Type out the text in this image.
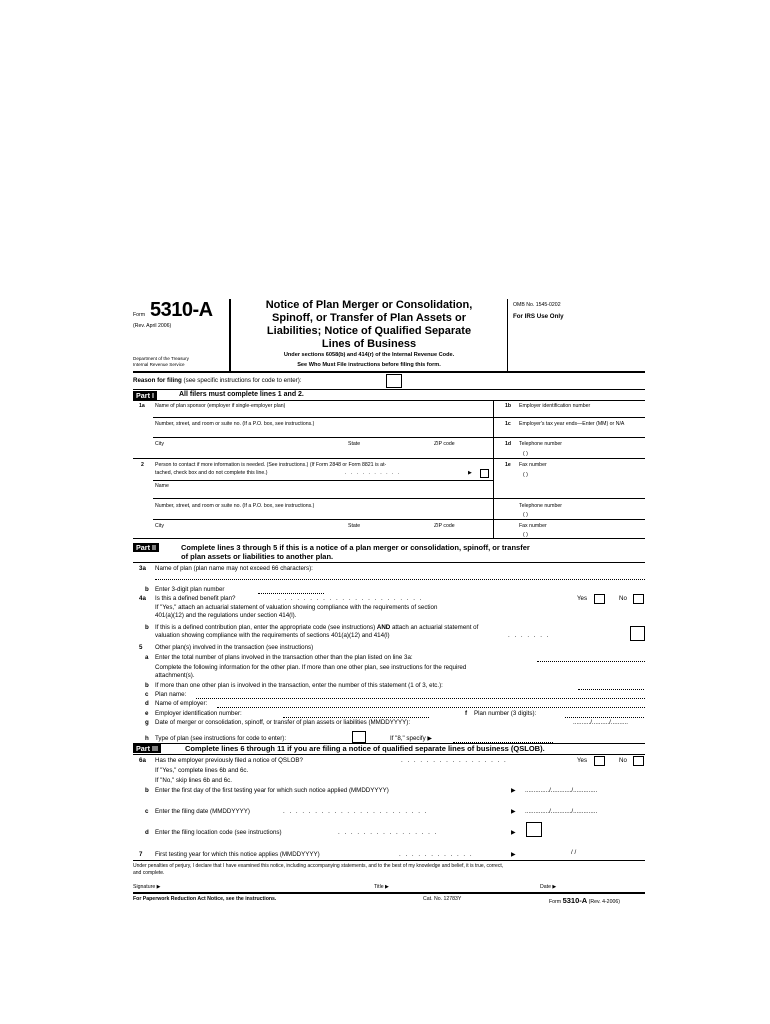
Form 5310-A
(Rev. April 2006)
Department of the Treasury
Internal Revenue Service
Notice of Plan Merger or Consolidation,
Spinoff, or Transfer of Plan Assets or
Liabilities; Notice of Qualified Separate
Lines of Business
Under sections 6058(b) and 414(r) of the Internal Revenue Code.
See Who Must File instructions before filing this form.
OMB No. 1545-0202
For IRS Use Only
Reason for filing (see specific instructions for code to enter):
Part I	All filers must complete lines 1 and 2.
1a Name of plan sponsor (employer if single-employer plan)	1b Employer identification number
Number, street, and room or suite no. (If a P.O. box, see instructions.)	1c Employer's tax year ends—Enter (MM) or N/A
City	State	ZIP code	1d Telephone number
( )
2 Person to contact if more information is needed. (See instructions.) (If Form 2848 or Form 8821 is at-
tached, check box and do not complete this line.)	. . . . . . . . . .	▶
1e Fax number
( )
Name
Number, street, and room or suite no. (If a P.O. box, see instructions.)	Telephone number
( )
City	State	ZIP code	Fax number
( )
Part II	Complete lines 3 through 5 if this is a notice of a plan merger or consolidation, spinoff, or transfer
of plan assets or liabilities to another plan.
3a Name of plan (plan name may not exceed 66 characters):
b Enter 3-digit plan number
4a Is this a defined benefit plan?	. . . . . . . . . . . . . . . . . . . . . . .	Yes	No
If "Yes," attach an actuarial statement of valuation showing compliance with the requirements of section
401(a)(12) and the regulations under section 414(l).
b If this is a defined contribution plan, enter the appropriate code (see instructions) AND attach an actuarial statement of
valuation showing compliance with the requirements of sections 401(a)(12) and 414(l)	. . . . . . .
5 Other plan(s) involved in the transaction (see instructions)
a Enter the total number of plans involved in the transaction other than the plan listed on line 3a:
Complete the following information for the other plan. If more than one other plan, see instructions for the required
attachment(s).
b If more than one other plan is involved in the transaction, enter the number of this statement (1 of 3, etc.):
c Plan name:
d Name of employer:
e Employer identification number:	f Plan number (3 digits):
g Date of merger or consolidation, spinoff, or transfer of plan assets or liabilities (MMDDYYYY):	........../........../..........
h Type of plan (see instructions for code to enter):	If "8," specify ▶
Part III	Complete lines 6 through 11 if you are filing a notice of qualified separate lines of business (QSLOB).
6a Has the employer previously filed a notice of QSLOB?	. . . . . . . . . . . . . . . . .	Yes	No
If "Yes," complete lines 6b and 6c.
If "No," skip lines 6b and 6c.
b Enter the first day of the first testing year for which such notice applied (MMDDYYYY)	▶ ............../............/..............
c Enter the filing date (MMDDYYYY)	. . . . . . . . . . . . . . . . . . . . . . .	▶ ............../............/..............
d Enter the filing location code (see instructions)	. . . . . . . . . . . . . . . .	▶
7 First testing year for which this notice applies (MMDDYYYY)	. . . . . . . . . . . .	▶	/ /
Under penalties of perjury, I declare that I have examined this notice, including accompanying statements, and to the best of my knowledge and belief, it is true, correct,
and complete.
Signature ▶	Title ▶	Date ▶
For Paperwork Reduction Act Notice, see the instructions.	Cat. No. 12783Y	Form 5310-A (Rev. 4-2006)
